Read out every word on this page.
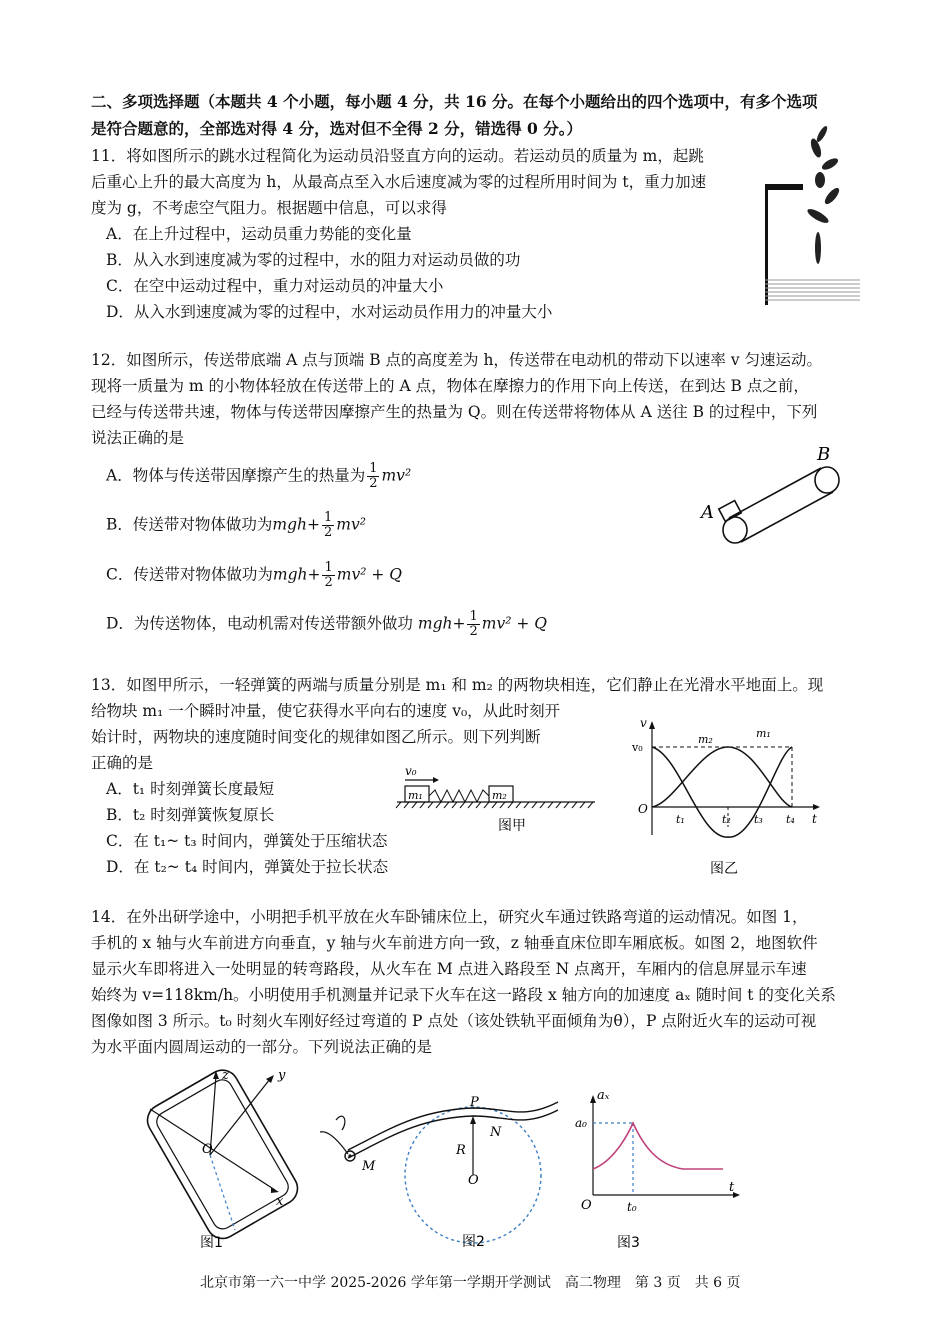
二、多项选择题（本题共 4 个小题，每小题 4 分，共 16 分。在每个小题给出的四个选项中，有多个选项
是符合题意的，全部选对得 4 分，选对但不全得 2 分，错选得 0 分。）
11．将如图所示的跳水过程简化为运动员沿竖直方向的运动。若运动员的质量为 m，起跳
后重心上升的最大高度为 h，从最高点至入水后速度减为零的过程所用时间为 t，重力加速
度为 g，不考虑空气阻力。根据题中信息，可以求得
A．在上升过程中，运动员重力势能的变化量
B．从入水到速度减为零的过程中，水的阻力对运动员做的功
C．在空中运动过程中，重力对运动员的冲量大小
D．从入水到速度减为零的过程中，水对运动员作用力的冲量大小
12．如图所示，传送带底端 A 点与顶端 B 点的高度差为 h，传送带在电动机的带动下以速率 v 匀速运动。
现将一质量为 m 的小物体轻放在传送带上的 A 点，物体在摩擦力的作用下向上传送，在到达 B 点之前，
已经与传送带共速，物体与传送带因摩擦产生的热量为 Q。则在传送带将物体从 A 送往 B 的过程中，下列
说法正确的是
A．物体与传送带因摩擦产生的热量为 $\frac{1}{2} mv^2$
B．传送带对物体做功为$mgh+ \frac{1}{2} mv^2$
C．传送带对物体做功为$mgh+ \frac{1}{2} mv^2 + Q$
D．为传送物体，电动机需对传送带额外做功 $mgh+ \frac{1}{2} mv^2 + Q$
A
B
13．如图甲所示，一轻弹簧的两端与质量分别是 m₁ 和 m₂ 的两物块相连，它们静止在光滑水平地面上。现
给物块 m₁ 一个瞬时冲量，使它获得水平向右的速度 v₀，从此时刻开
始计时，两物块的速度随时间变化的规律如图乙所示。则下列判断
正确的是
A．t₁ 时刻弹簧长度最短
B．t₂ 时刻弹簧恢复原长
C．在 t₁~ t₃ 时间内，弹簧处于压缩状态
D．在 t₂~ t₄ 时间内，弹簧处于拉长状态
v₀
m₁	m₂
图甲
v
v₀
O
t
m₂	m₁
t₁	t₂ t₃ t₄
图乙
14．在外出研学途中，小明把手机平放在火车卧铺床位上，研究火车通过铁路弯道的运动情况。如图 1，
手机的 x 轴与火车前进方向垂直，y 轴与火车前进方向一致，z 轴垂直床位即车厢底板。如图 2，地图软件
显示火车即将进入一处明显的转弯路段，从火车在 M 点进入路段至 N 点离开，车厢内的信息屏显示车速
始终为 v=118km/h。小明使用手机测量并记录下火车在这一路段 x 轴方向的加速度 aₓ 随时间 t 的变化关系
图像如图 3 所示。t₀ 时刻火车刚好经过弯道的 P 点处（该处铁轨平面倾角为θ），P 点附近火车的运动可视
为水平面内圆周运动的一部分。下列说法正确的是
z	y
x
O
图1
M
P
N
R
O
图2
aₓ
a₀
O	t₀
t
图3
北京市第一六一中学 2025-2026 学年第一学期开学测试　高二物理　第 3 页　共 6 页
